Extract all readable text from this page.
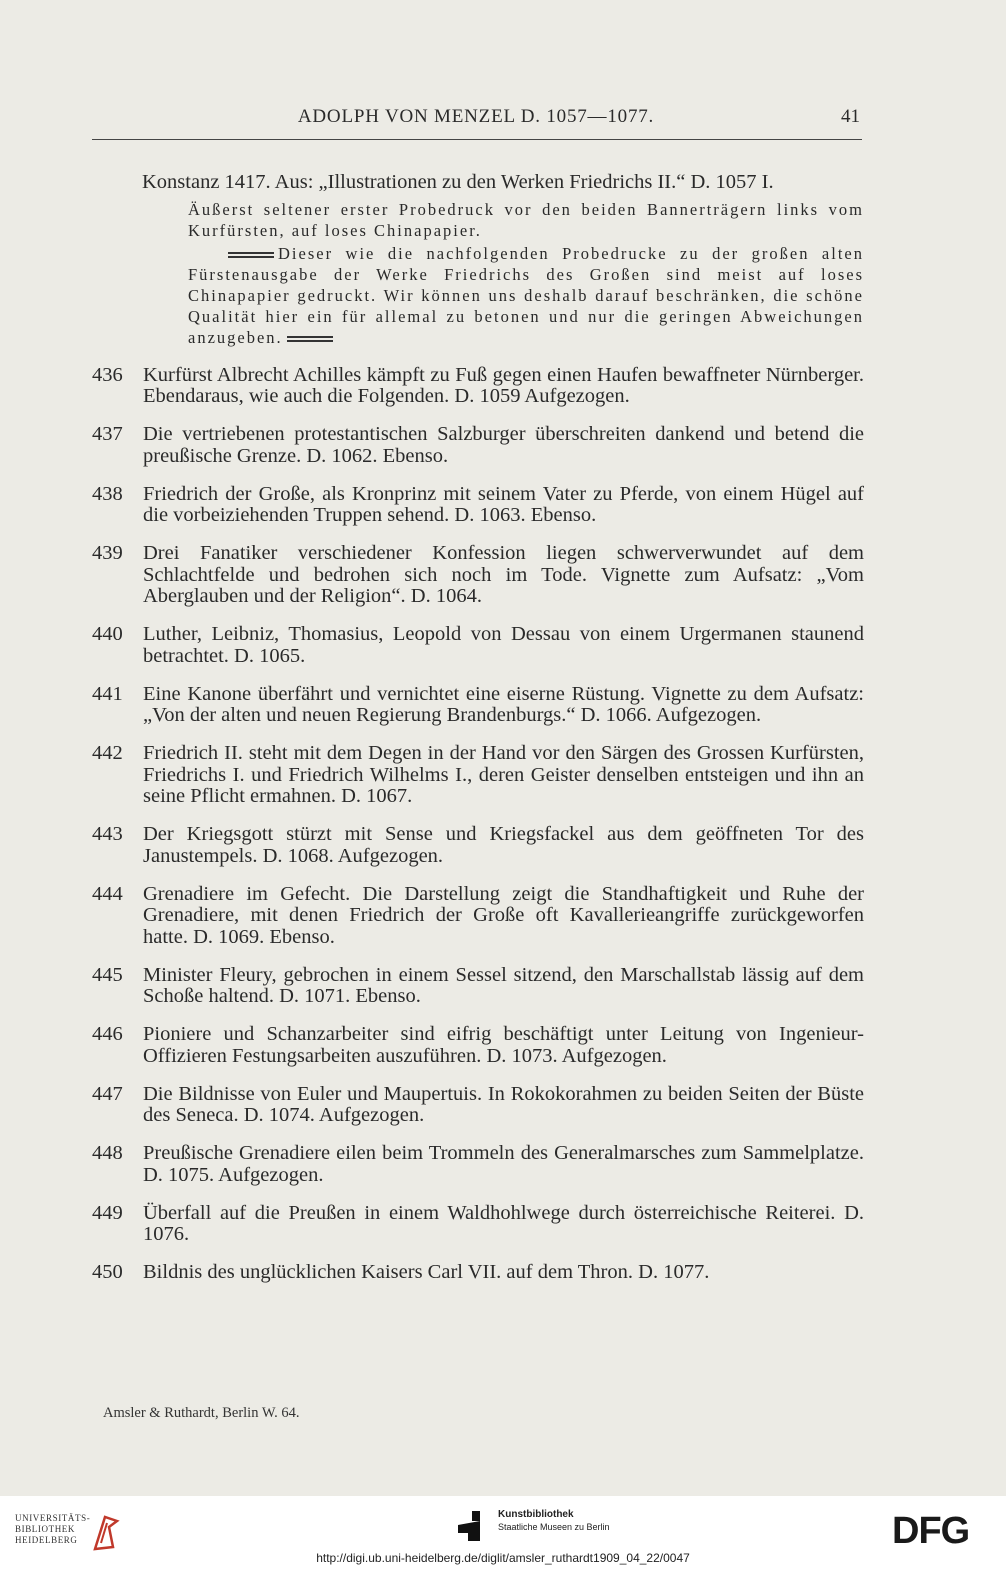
ADOLPH VON MENZEL D. 1057—1077.	41

Konstanz 1417. Aus: „Illustrationen zu den Werken Friedrichs II.“ D. 1057 I.

Äußerst seltener erster Probedruck vor den beiden Bannerträgern links vom Kurfürsten, auf loses Chinapapier.

Dieser wie die nachfolgenden Probedrucke zu der großen alten Fürstenausgabe der Werke Friedrichs des Großen sind meist auf loses Chinapapier gedruckt. Wir können uns deshalb darauf beschränken, die schöne Qualität hier ein für allemal zu betonen und nur die geringen Abweichungen anzugeben.

436 Kurfürst Albrecht Achilles kämpft zu Fuß gegen einen Haufen bewaffneter Nürnberger. Ebendaraus, wie auch die Folgenden. D. 1059 Aufgezogen.

437 Die vertriebenen protestantischen Salzburger überschreiten dankend und betend die preußische Grenze. D. 1062. Ebenso.

438 Friedrich der Große, als Kronprinz mit seinem Vater zu Pferde, von einem Hügel auf die vorbeiziehenden Truppen sehend. D. 1063. Ebenso.

439 Drei Fanatiker verschiedener Konfession liegen schwerverwundet auf dem Schlachtfelde und bedrohen sich noch im Tode. Vignette zum Aufsatz: „Vom Aberglauben und der Religion“. D. 1064.

440 Luther, Leibniz, Thomasius, Leopold von Dessau von einem Urgermanen staunend betrachtet. D. 1065.

441 Eine Kanone überfährt und vernichtet eine eiserne Rüstung. Vignette zu dem Aufsatz: „Von der alten und neuen Regierung Brandenburgs.“ D. 1066. Aufgezogen.

442 Friedrich II. steht mit dem Degen in der Hand vor den Särgen des Grossen Kurfürsten, Friedrichs I. und Friedrich Wilhelms I., deren Geister denselben entsteigen und ihn an seine Pflicht ermahnen. D. 1067.

443 Der Kriegsgott stürzt mit Sense und Kriegsfackel aus dem geöffneten Tor des Janustempels. D. 1068. Aufgezogen.

444 Grenadiere im Gefecht. Die Darstellung zeigt die Standhaftigkeit und Ruhe der Grenadiere, mit denen Friedrich der Große oft Kavallerieangriffe zurückgeworfen hatte. D. 1069. Ebenso.

445 Minister Fleury, gebrochen in einem Sessel sitzend, den Marschallstab lässig auf dem Schoße haltend. D. 1071. Ebenso.

446 Pioniere und Schanzarbeiter sind eifrig beschäftigt unter Leitung von Ingenieur-Offizieren Festungsarbeiten auszuführen. D. 1073. Aufgezogen.

447 Die Bildnisse von Euler und Maupertuis. In Rokokorahmen zu beiden Seiten der Büste des Seneca. D. 1074. Aufgezogen.

448 Preußische Grenadiere eilen beim Trommeln des Generalmarsches zum Sammelplatze. D. 1075. Aufgezogen.

449 Überfall auf die Preußen in einem Waldhohlwege durch österreichische Reiterei. D. 1076.

450 Bildnis des unglücklichen Kaisers Carl VII. auf dem Thron. D. 1077.

Amsler & Ruthardt, Berlin W. 64.
UNIVERSITÄTS-
BIBLIOTHEK
HEIDELBERG
Kunstbibliothek
Staatliche Museen zu Berlin	DFG
http://digi.ub.uni-heidelberg.de/diglit/amsler_ruthardt1909_04_22/0047
